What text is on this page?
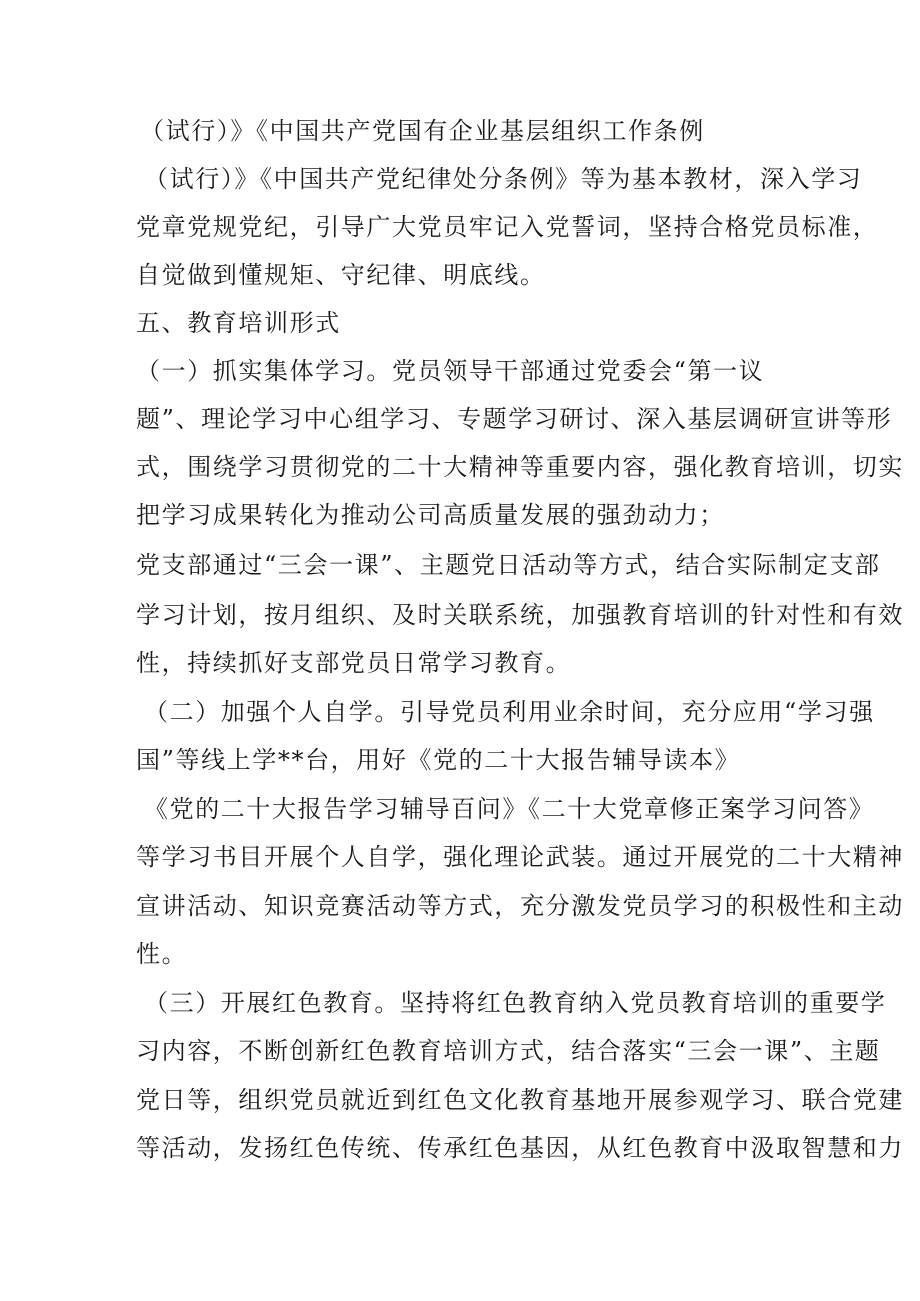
（试行）》《中国共产党国有企业基层组织工作条例
（试行）》《中国共产党纪律处分条例》等为基本教材，深入学习
党章党规党纪，引导广大党员牢记入党誓词，坚持合格党员标准，
自觉做到懂规矩、守纪律、明底线。
五、教育培训形式
（一）抓实集体学习。党员领导干部通过党委会“第一议
题”、理论学习中心组学习、专题学习研讨、深入基层调研宣讲等形
式，围绕学习贯彻党的二十大精神等重要内容，强化教育培训，切实
把学习成果转化为推动公司高质量发展的强劲动力；
党支部通过“三会一课”、主题党日活动等方式，结合实际制定支部
学习计划，按月组织、及时关联系统，加强教育培训的针对性和有效
性，持续抓好支部党员日常学习教育。
（二）加强个人自学。引导党员利用业余时间，充分应用“学习强
国”等线上学**台，用好《党的二十大报告辅导读本》
《党的二十大报告学习辅导百问》《二十大党章修正案学习问答》
等学习书目开展个人自学，强化理论武装。通过开展党的二十大精神
宣讲活动、知识竞赛活动等方式，充分激发党员学习的积极性和主动
性。
（三）开展红色教育。坚持将红色教育纳入党员教育培训的重要学
习内容，不断创新红色教育培训方式，结合落实“三会一课”、主题
党日等，组织党员就近到红色文化教育基地开展参观学习、联合党建
等活动，发扬红色传统、传承红色基因，从红色教育中汲取智慧和力
